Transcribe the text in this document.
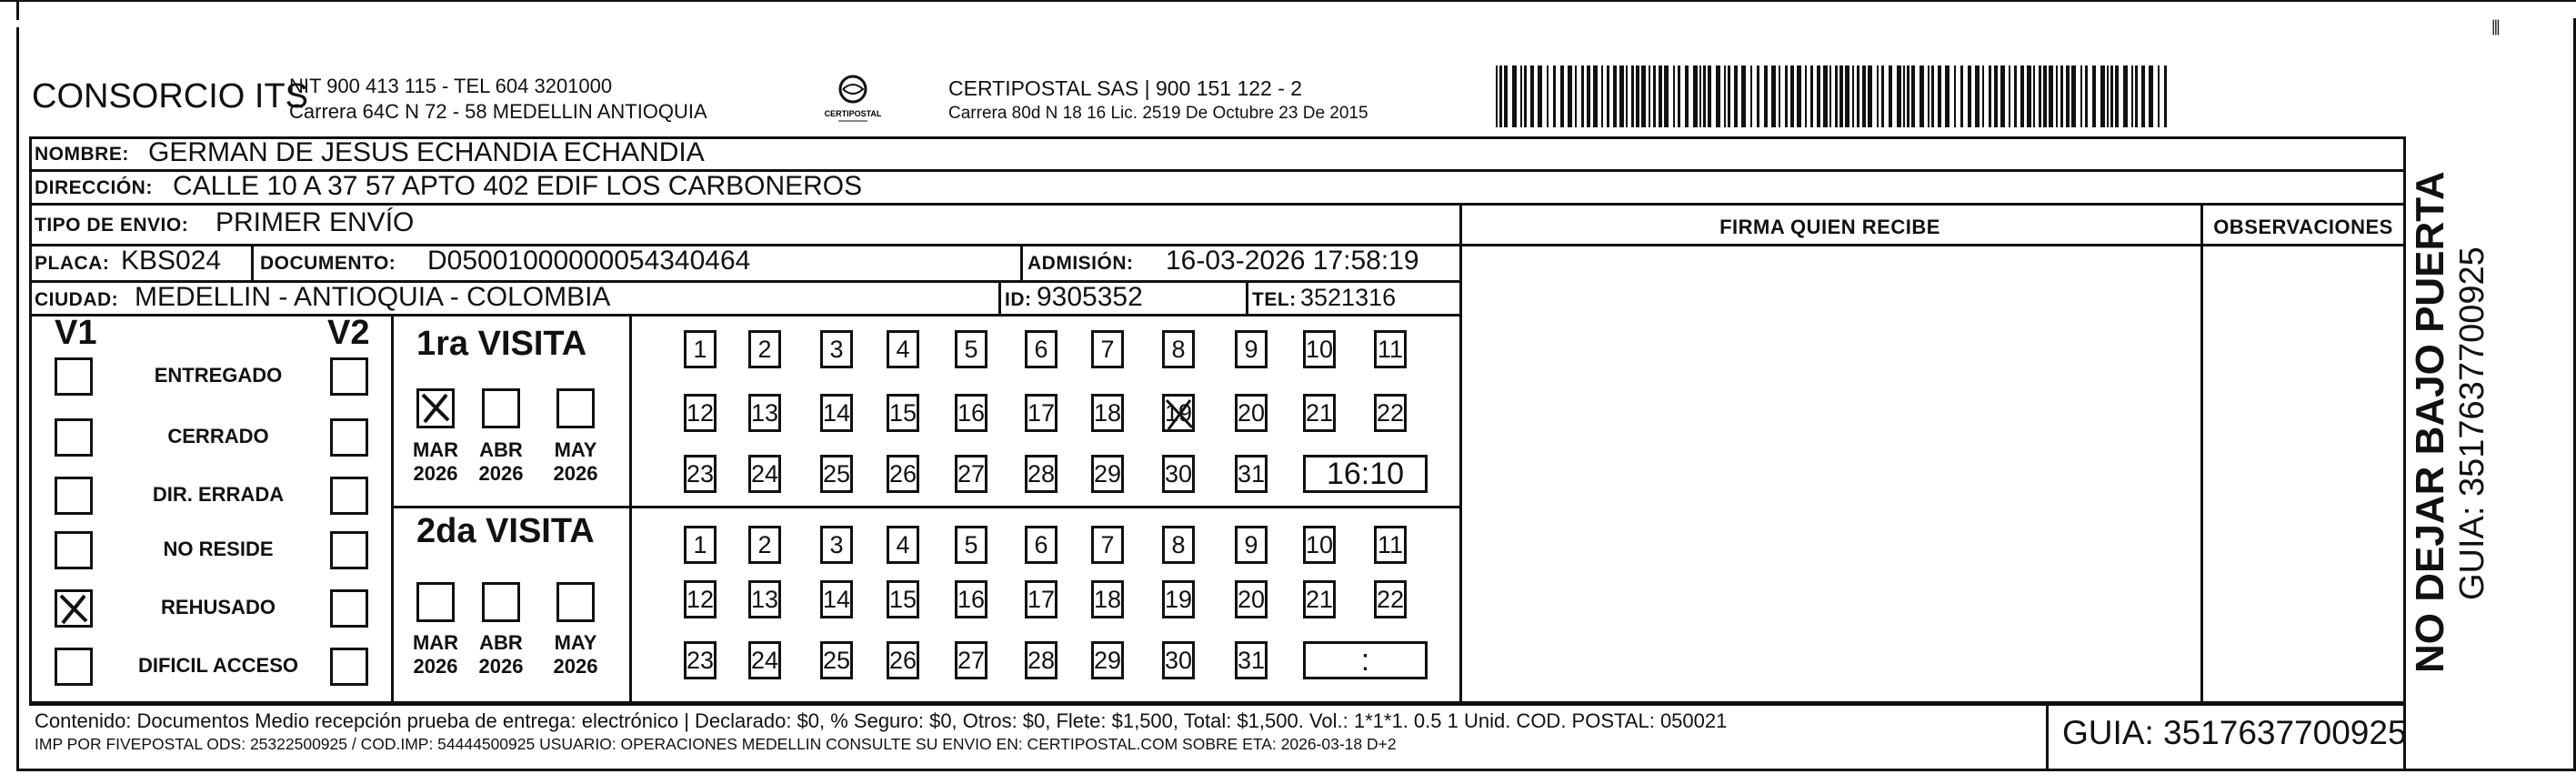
CONSORCIO ITS
NIT 900 413 115 - TEL 604 3201000
Carrera 64C N 72 - 58 MEDELLIN ANTIOQUIA	CERTIPOSTAL
CERTIPOSTAL SAS | 900 151 122 - 2
Carrera 80d N 18 16 Lic. 2519 De Octubre 23 De 2015
⦀
NOMBRE: GERMAN DE JESUS ECHANDIA ECHANDIA
DIRECCIÓN: CALLE 10 A 37 57 APTO 402 EDIF LOS CARBONEROS
TIPO DE ENVIO: PRIMER ENVÍO	FIRMA QUIEN RECIBE	OBSERVACIONES
PLACA: KBS024 DOCUMENTO: D05001000000054340464	ADMISIÓN: 16-03-2026 17:58:19
CIUDAD: MEDELLIN - ANTIOQUIA - COLOMBIA	ID: 9305352	TEL: 3521316
V1	V2
ENTREGADO
CERRADO
DIR. ERRADA
NO RESIDE
REHUSADO
DIFICIL ACCESO
1ra VISITA
2da VISITA
MAR
2026
ABR
2026
MAY
2026
MAR
2026
ABR
2026
MAY
2026
1	2	3	4	5	6	7	8	9	10 11
12 13 14 15 16 17 18 19 20 21 22
23 24 25 26 27 28 29 30 31	16:10
1	2	3	4	5	6	7	8	9	10 11
12 13 14 15 16 17 18 19 20 21 22
23 24 25 26 27 28 29 30 31	:
Contenido: Documentos Medio recepción prueba de entrega: electrónico | Declarado: $0, % Seguro: $0, Otros: $0, Flete: $1,500, Total: $1,500. Vol.: 1*1*1. 0.5 1 Unid. COD. POSTAL: 050021
IMP POR FIVEPOSTAL ODS: 25322500925 / COD.IMP: 54444500925 USUARIO: OPERACIONES MEDELLIN CONSULTE SU ENVIO EN: CERTIPOSTAL.COM SOBRE ETA: 2026-03-18 D+2	GUIA: 3517637700925
NO DEJAR BAJO PUERTA GUIA: 3517637700925
